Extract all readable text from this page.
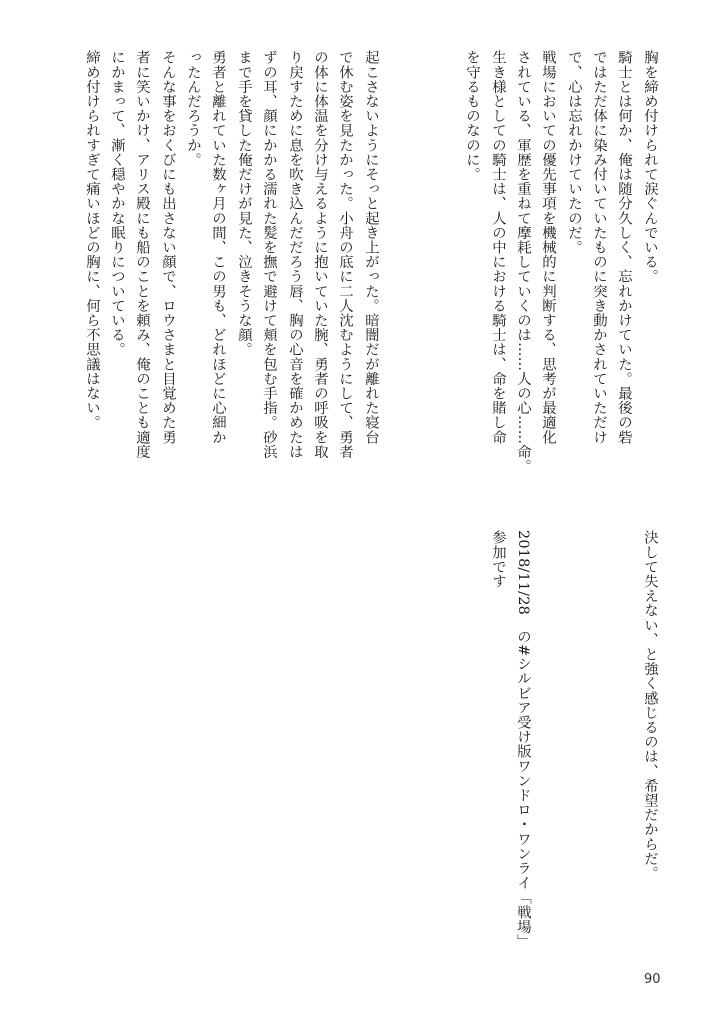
胸を締め付けられて涙ぐんでいる。
騎士とは何か、俺は随分久しく、忘れかけていた。最後の砦
ではただ体に染み付いていたものに突き動かされていただけ
で、心は忘れかけていたのだ。
戦場においての優先事項を機械的に判断する、思考が最適化
されている、軍歴を重ねて摩耗していくのは……人の心……命。
生き様としての騎士は、人の中における騎士は、命を賭し命
を守るものなのに。
起こさないようにそっと起き上がった。暗闇だが離れた寝台
で休む姿を見たかった。小舟の底に二人沈むようにして、勇者
の体に体温を分け与えるように抱いていた腕、勇者の呼吸を取
り戻すために息を吹き込んだだろう唇、胸の心音を確かめたは
ずの耳、顔にかかる濡れた髪を撫で避けて頬を包む手指。砂浜
まで手を貸した俺だけが見た、泣きそうな顔。
勇者と離れていた数ヶ月の間、この男も、どれほどに心細か
ったんだろうか。
そんな事をおくびにも出さない顔で、ロウさまと目覚めた勇
者に笑いかけ、アリス殿にも船のことを頼み、俺のことも適度
にかまって、漸く穏やかな眠りについている。
締め付けられすぎて痛いほどの胸に、何ら不思議はない。
決して失えない、と強く感じるのは、希望だからだ。
2018/11/28　の#シルビア受け版ワンドロ・ワンライ「戦場」
参加です
90
